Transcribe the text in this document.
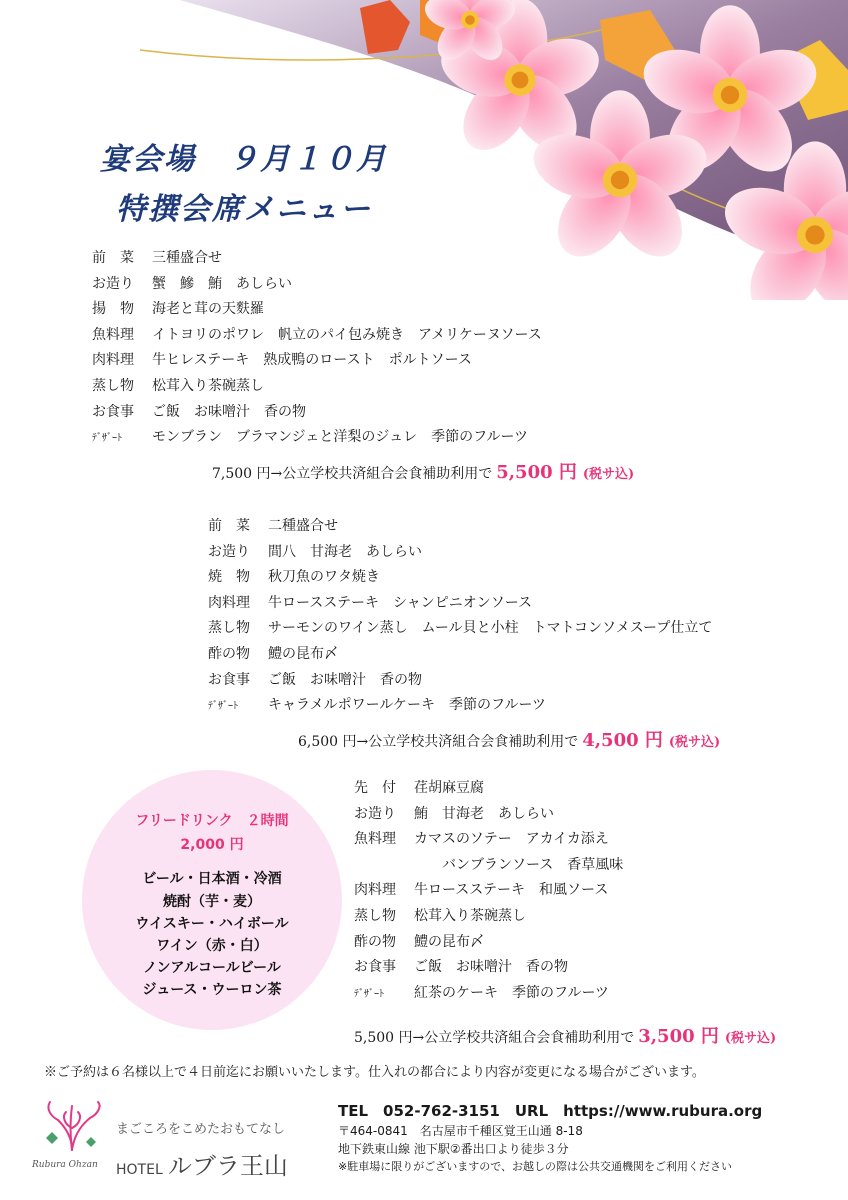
宴会場　９月１０月
特撰会席メニュー
前　菜 三種盛合せ
お造り 蟹　鰺　鮪　あしらい
揚　物 海老と茸の天麩羅
魚料理 イトヨリのポワレ　帆立のパイ包み焼き　アメリケーヌソース
肉料理 牛ヒレステーキ　熟成鴨のロースト　ポルトソース
蒸し物 松茸入り茶碗蒸し
お食事 ご飯　お味噌汁　香の物
ﾃﾞｻﾞｰﾄ モンブラン　ブラマンジェと洋梨のジュレ　季節のフルーツ
7,500 円→公立学校共済組合会食補助利用で 5,500 円 (税サ込)
前　菜 二種盛合せ
お造り 間八　甘海老　あしらい
焼　物 秋刀魚のワタ焼き
肉料理 牛ロースステーキ　シャンピニオンソース
蒸し物 サーモンのワイン蒸し　ムール貝と小柱　トマトコンソメスープ仕立て
酢の物 鱧の昆布〆
お食事 ご飯　お味噌汁　香の物
ﾃﾞｻﾞｰﾄ キャラメルポワールケーキ　季節のフルーツ
6,500 円→公立学校共済組合会食補助利用で 4,500 円 (税サ込)
フリードリンク　２時間
2,000 円
ビール・日本酒・冷酒
焼酎（芋・麦）
ウイスキー・ハイボール
ワイン（赤・白）
ノンアルコールビール
ジュース・ウーロン茶
先　付 荏胡麻豆腐
お造り 鮪　甘海老　あしらい
魚料理 カマスのソテー　アカイカ添え
　　バンブランソース　香草風味
肉料理 牛ロースステーキ　和風ソース
蒸し物 松茸入り茶碗蒸し
酢の物 鱧の昆布〆
お食事 ご飯　お味噌汁　香の物
ﾃﾞｻﾞｰﾄ 紅茶のケーキ　季節のフルーツ
5,500 円→公立学校共済組合会食補助利用で 3,500 円 (税サ込)
※ご予約は６名様以上で４日前迄にお願いいたします。仕入れの都合により内容が変更になる場合がございます。
Rubura Ohzan
まごころをこめたおもてなし
HOTEL ルブラ王山
TEL　052-762-3151　URL　https://www.rubura.org
〒464-0841　名古屋市千種区覚王山通 8-18
地下鉄東山線 池下駅②番出口より徒歩３分
※駐車場に限りがございますので、お越しの際は公共交通機関をご利用ください
